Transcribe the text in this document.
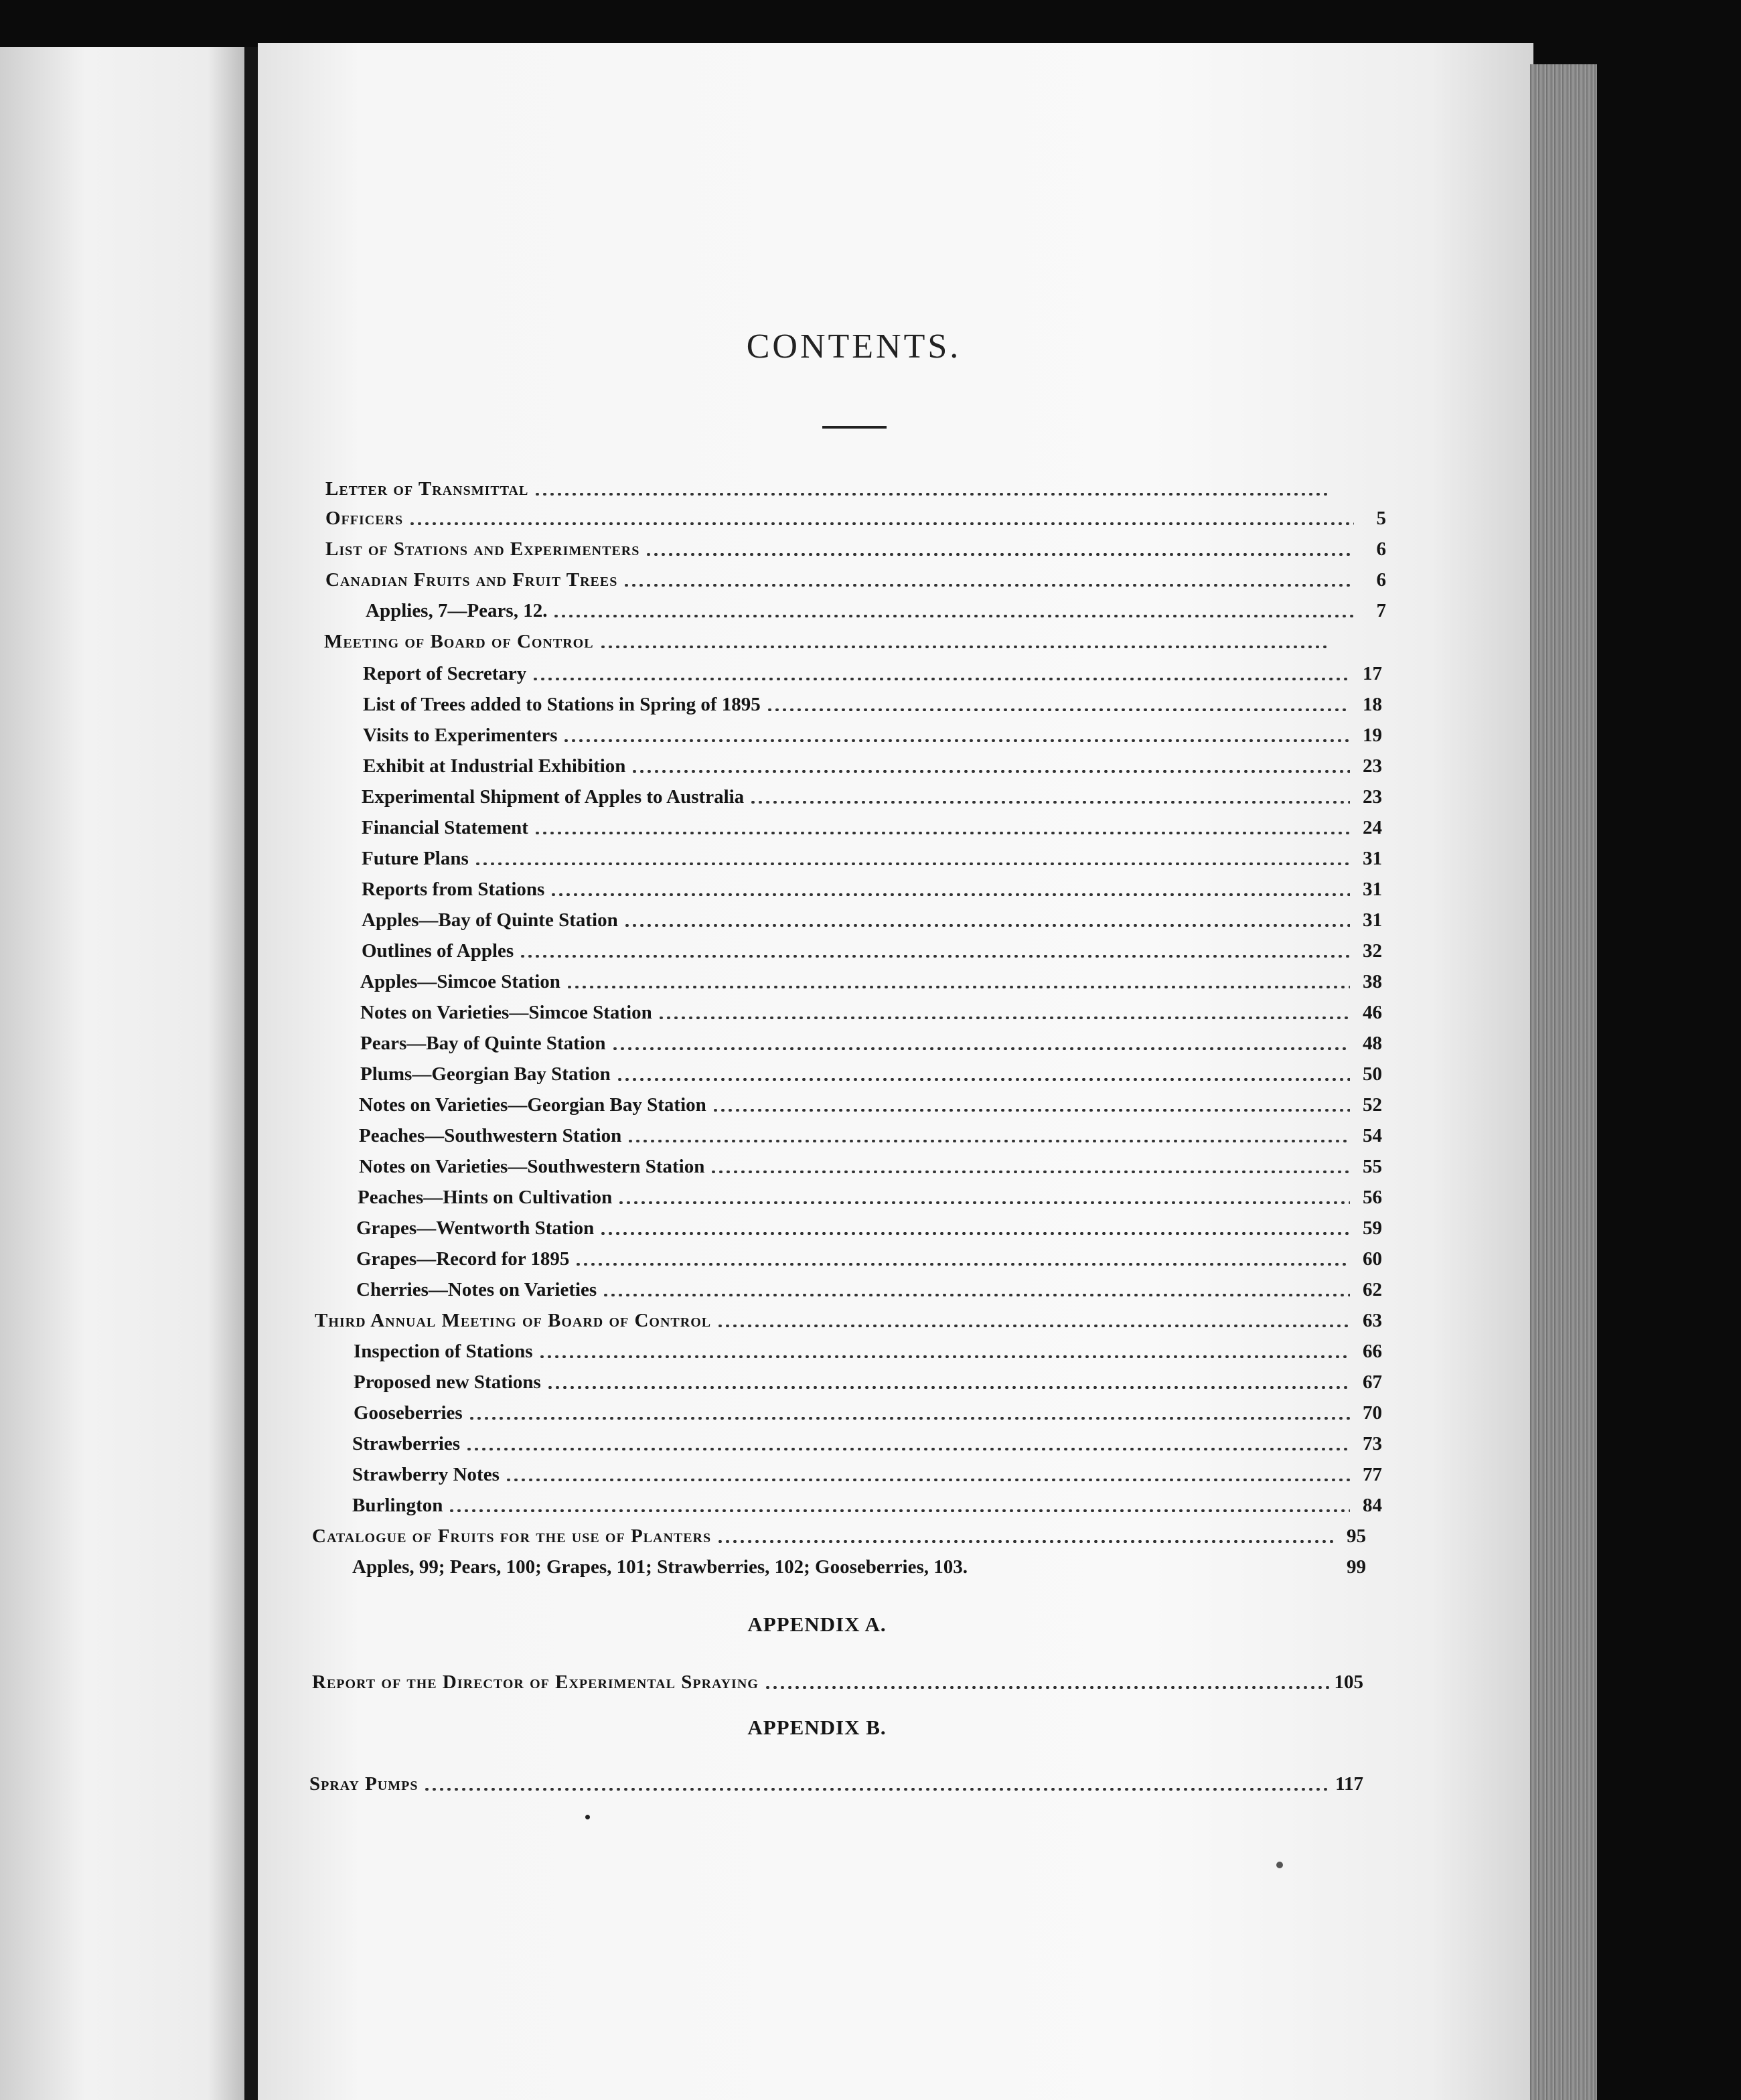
CONTENTS.
Letter of Transmittal
Officers	5
List of Stations and Experimenters	6
Canadian Fruits and Fruit Trees	6
Applies, 7—Pears, 12.	7
Meeting of Board of Control
Report of Secretary	17
List of Trees added to Stations in Spring of 1895	18
Visits to Experimenters	19
Exhibit at Industrial Exhibition	23
Experimental Shipment of Apples to Australia	23
Financial Statement	24
Future Plans	31
Reports from Stations	31
Apples—Bay of Quinte Station	31
Outlines of Apples	32
Apples—Simcoe Station	38
Notes on Varieties—Simcoe Station	46
Pears—Bay of Quinte Station	48
Plums—Georgian Bay Station	50
Notes on Varieties—Georgian Bay Station	52
Peaches—Southwestern Station	54
Notes on Varieties—Southwestern Station	55
Peaches—Hints on Cultivation	56
Grapes—Wentworth Station	59
Grapes—Record for 1895	60
Cherries—Notes on Varieties	62
Third Annual Meeting of Board of Control	63
Inspection of Stations	66
Proposed new Stations	67
Gooseberries	70
Strawberries	73
Strawberry Notes	77
Burlington	84
Catalogue of Fruits for the use of Planters	95
Apples, 99; Pears, 100; Grapes, 101; Strawberries, 102; Gooseberries, 103.	99
APPENDIX A.
Report of the Director of Experimental Spraying	105
APPENDIX B.
Spray Pumps	117
